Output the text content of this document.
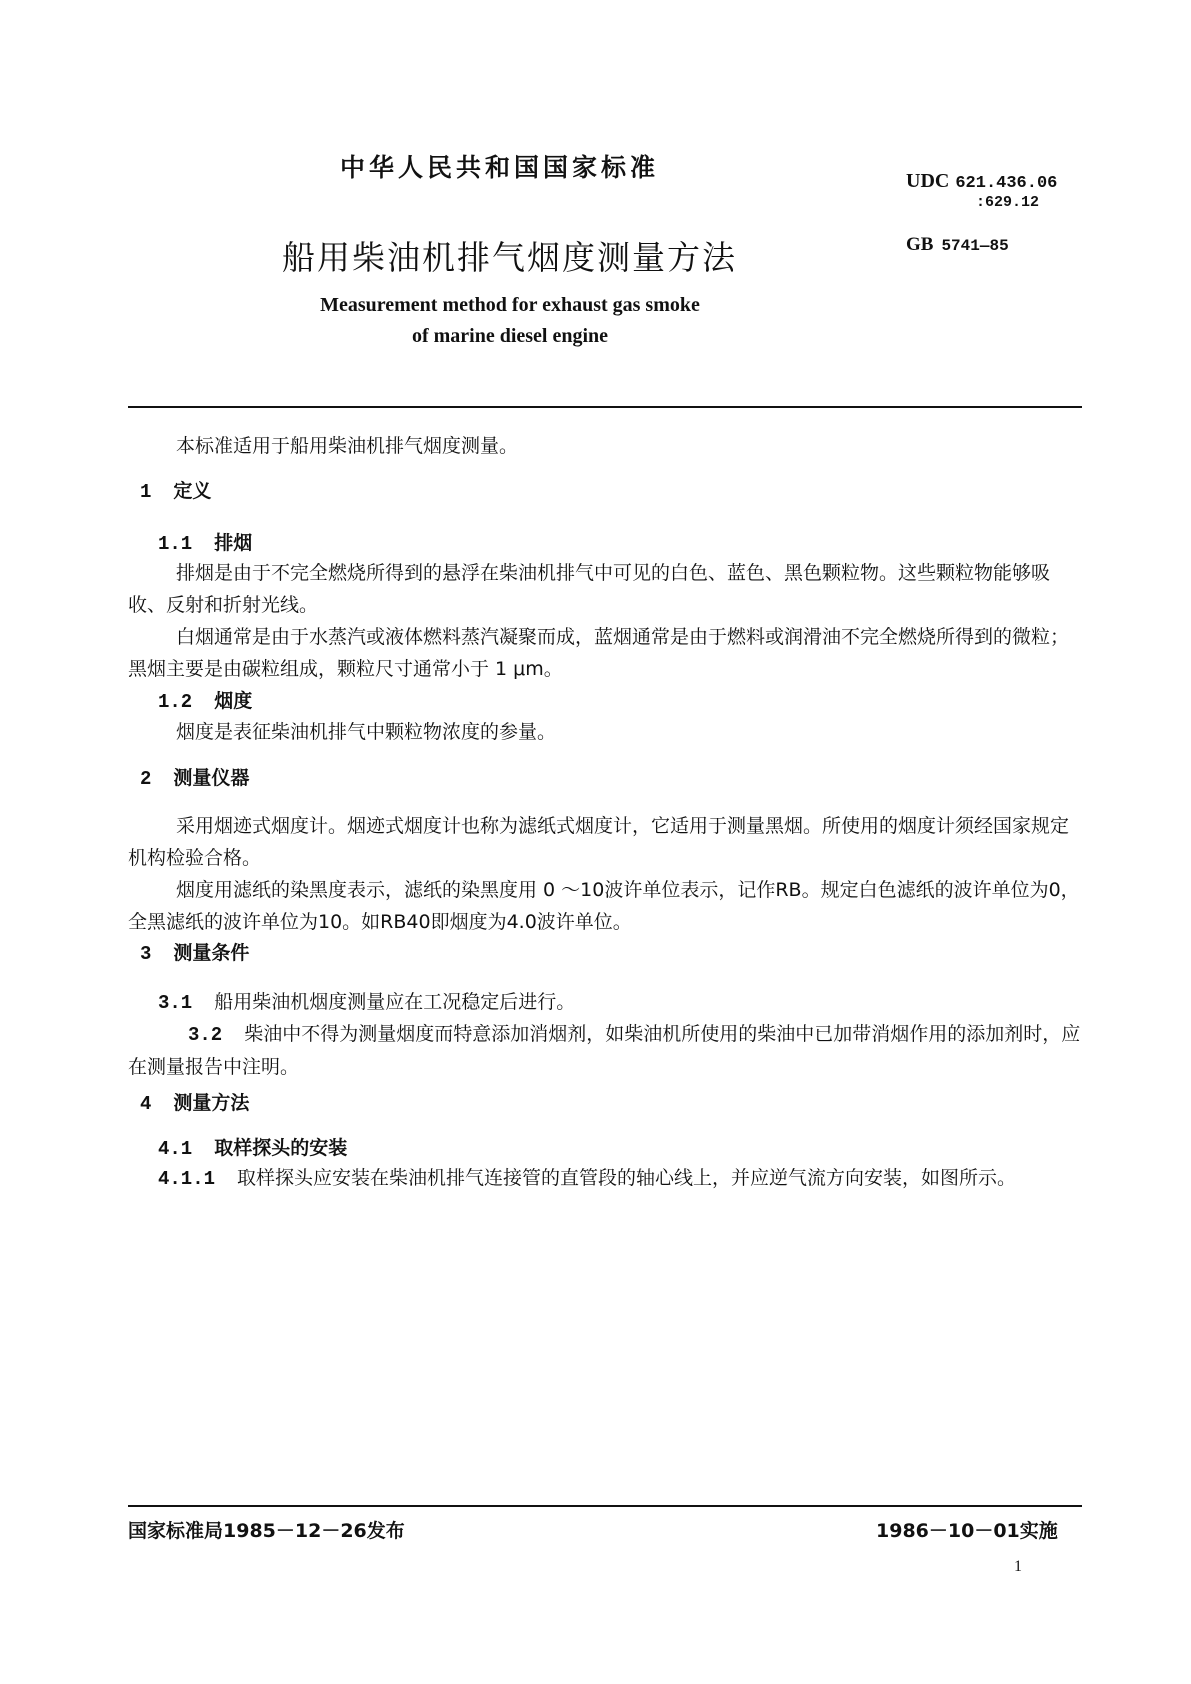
中华人民共和国国家标准	UDC 621.436.06
:629.12
船用柴油机排气烟度测量方法	GB 5741—85
Measurement method for exhaust gas smoke
of marine diesel engine
本标准适用于船用柴油机排气烟度测量。
1 定义
1.1 排烟
排烟是由于不完全燃烧所得到的悬浮在柴油机排气中可见的白色、蓝色、黑色颗粒物。这些颗粒物能够吸收、反射和折射光线。
白烟通常是由于水蒸汽或液体燃料蒸汽凝聚而成，蓝烟通常是由于燃料或润滑油不完全燃烧所得到的微粒；黑烟主要是由碳粒组成，颗粒尺寸通常小于 1 μm。
1.2 烟度
烟度是表征柴油机排气中颗粒物浓度的参量。
2 测量仪器
采用烟迹式烟度计。烟迹式烟度计也称为滤纸式烟度计，它适用于测量黑烟。所使用的烟度计须经国家规定机构检验合格。
烟度用滤纸的染黑度表示，滤纸的染黑度用 0 ～10波许单位表示，记作RB。规定白色滤纸的波许单位为0，全黑滤纸的波许单位为10。如RB40即烟度为4.0波许单位。
3 测量条件
3.1 船用柴油机烟度测量应在工况稳定后进行。
3.2 柴油中不得为测量烟度而特意添加消烟剂，如柴油机所使用的柴油中已加带消烟作用的添加剂时，应在测量报告中注明。
4 测量方法
4.1 取样探头的安装
4.1.1 取样探头应安装在柴油机排气连接管的直管段的轴心线上，并应逆气流方向安装，如图所示。
国家标准局1985－12－26发布	1986－10－01实施
1
